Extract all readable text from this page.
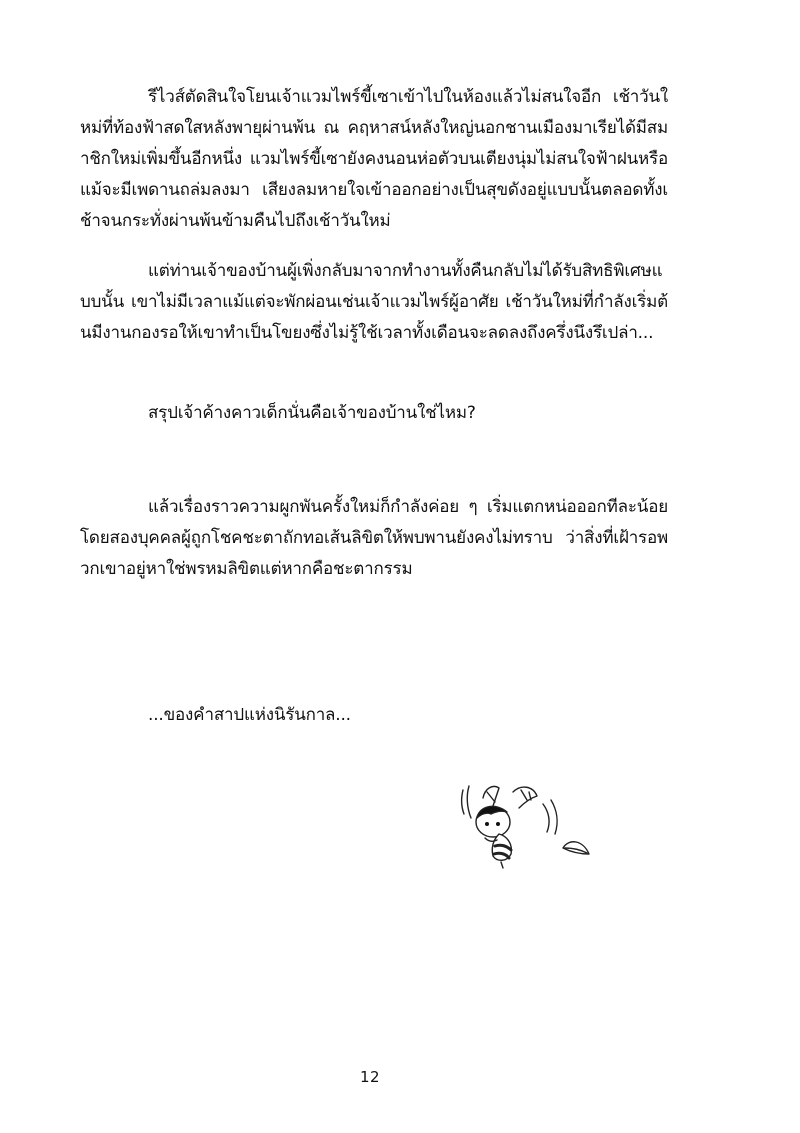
รีไวส์ตัดสินใจโยนเจ้าแวมไพร์ขี้เซาเข้าไปในห้องแล้วไม่สนใจอีก เช้าวันใหม่ที่ท้องฟ้าสดใสหลังพายุผ่านพ้น ณ คฤหาสน์หลังใหญ่นอกชานเมืองมาเรียได้มีสมาชิกใหม่เพิ่มขึ้นอีกหนึ่ง แวมไพร์ขี้เซายังคงนอนห่อตัวบนเตียงนุ่มไม่สนใจฟ้าฝนหรือแม้จะมีเพดานถล่มลงมา เสียงลมหายใจเข้าออกอย่างเป็นสุขดังอยู่แบบนั้นตลอดทั้งเช้าจนกระทั่งผ่านพ้นข้ามคืนไปถึงเช้าวันใหม่

แต่ท่านเจ้าของบ้านผู้เพิ่งกลับมาจากทำงานทั้งคืนกลับไม่ได้รับสิทธิพิเศษแบบนั้น เขาไม่มีเวลาแม้แต่จะพักผ่อนเช่นเจ้าแวมไพร์ผู้อาศัย เช้าวันใหม่ที่กำลังเริ่มต้นมีงานกองรอให้เขาทำเป็นโขยงซึ่งไม่รู้ใช้เวลาทั้งเดือนจะลดลงถึงครึ่งนึงรึเปล่า...

สรุปเจ้าค้างคาวเด็กนั่นคือเจ้าของบ้านใช่ไหม?

แล้วเรื่องราวความผูกพันครั้งใหม่ก็กำลังค่อย ๆ เริ่มแตกหน่อออกทีละน้อย โดยสองบุคคลผู้ถูกโชคชะตาถักทอเส้นลิขิตให้พบพานยังคงไม่ทราบ ว่าสิ่งที่เฝ้ารอพวกเขาอยู่หาใช่พรหมลิขิตแต่หากคือชะตากรรม

...ของคำสาปแห่งนิรันกาล...

12
